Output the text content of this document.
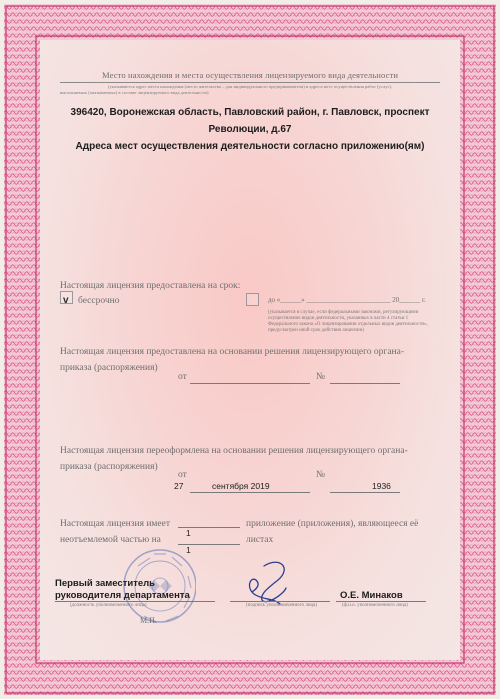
Место нахождения и места осуществления лицензируемого вида деятельности
(указываются адрес места нахождения (место жительства – для индивидуального предпринимателя) и адреса мест осуществления работ (услуг),
выполняемых (оказываемых) в составе лицензируемого вида деятельности)
396420, Воронежская область, Павловский район, г. Павловск, проспект
Революции, д.67
Адреса мест осуществления деятельности согласно приложению(ям)
Настоящая лицензия предоставлена на срок:
v бессрочно	до «______» ________________________ 20______ г.
(указывается в случае, если федеральными законами, регулирующими
осуществление видов деятельности, указанных в части 4 статьи 1
Федерального закона «О лицензировании отдельных видов деятельности»,
предусмотрен иной срок действия лицензии)
Настоящая лицензия предоставлена на основании решения лицензирующего органа-
приказа (распоряжения)
от	№
Настоящая лицензия переоформлена на основании решения лицензирующего органа-
приказа (распоряжения)
от	№
27	сентября 2019	1936
Настоящая лицензия имеет
1
приложение (приложения), являющееся её
неотъемлемой частью на
1
листах
Первый заместитель
руководителя департамента
(должность уполномоченного лица)	(подпись уполномоченного лица)
О.Е. Минаков
(ф.и.о. уполномоченного лица)
М.П.
